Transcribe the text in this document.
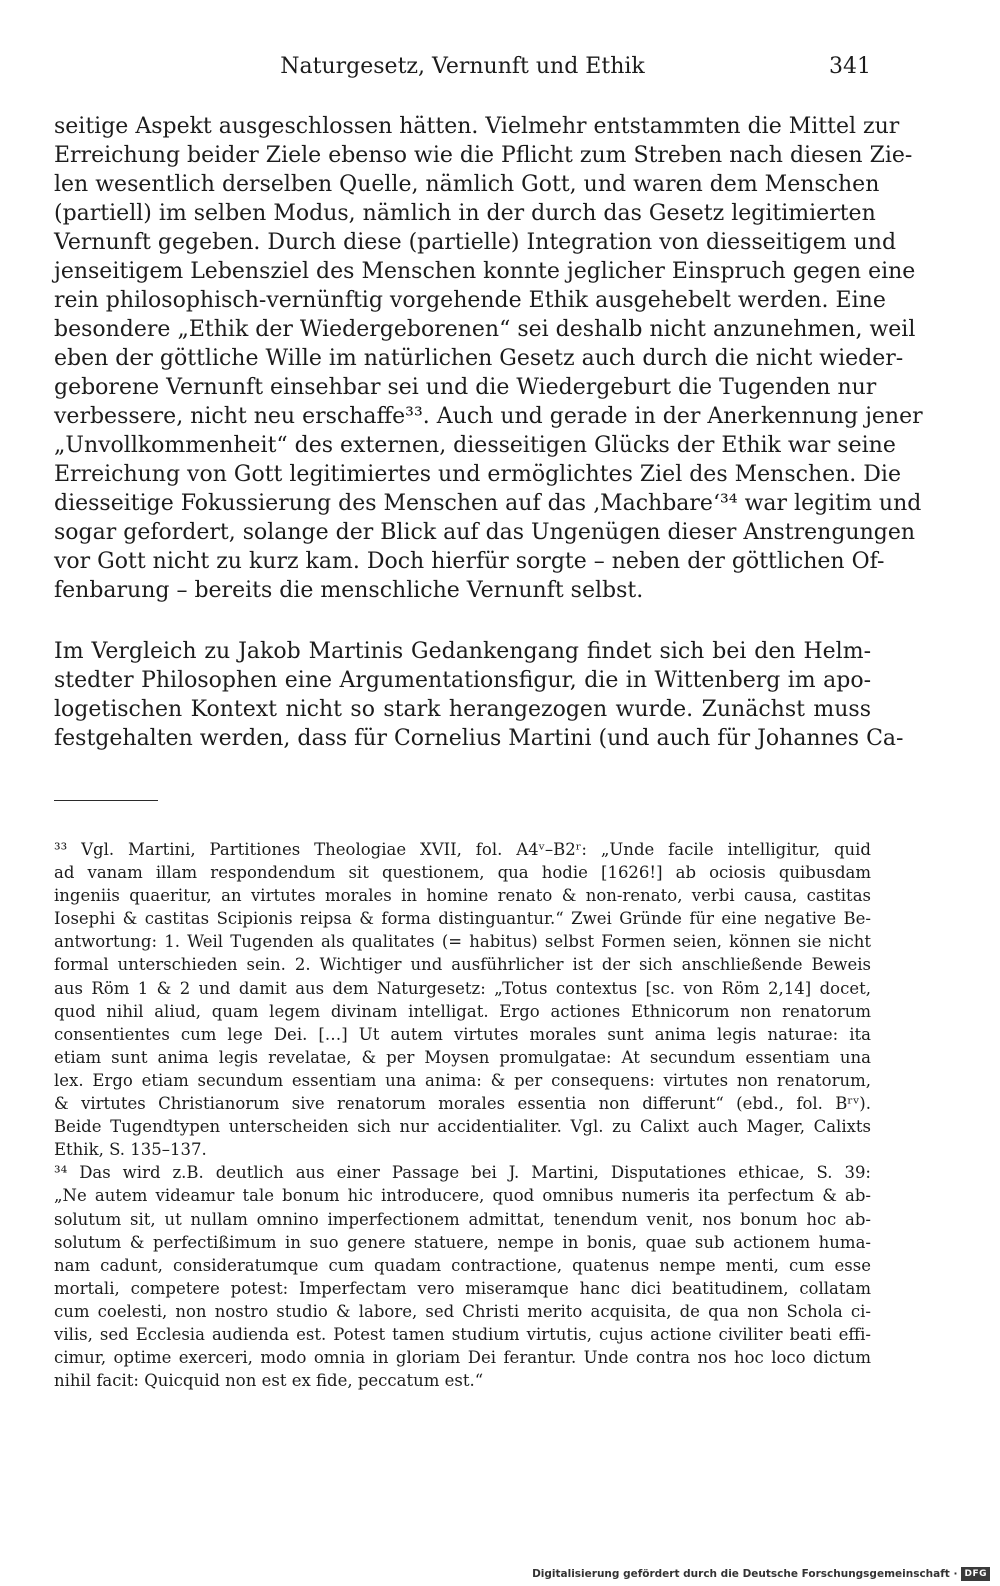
Naturgesetz, Vernunft und Ethik	341
seitige Aspekt ausgeschlossen hätten. Vielmehr entstammten die Mittel zur
Erreichung beider Ziele ebenso wie die Pflicht zum Streben nach diesen Zie-
len wesentlich derselben Quelle, nämlich Gott, und waren dem Menschen
(partiell) im selben Modus, nämlich in der durch das Gesetz legitimierten
Vernunft gegeben. Durch diese (partielle) Integration von diesseitigem und
jenseitigem Lebensziel des Menschen konnte jeglicher Einspruch gegen eine
rein philosophisch-vernünftig vorgehende Ethik ausgehebelt werden. Eine
besondere „Ethik der Wiedergeborenen“ sei deshalb nicht anzunehmen, weil
eben der göttliche Wille im natürlichen Gesetz auch durch die nicht wieder-
geborene Vernunft einsehbar sei und die Wiedergeburt die Tugenden nur
verbessere, nicht neu erschaffe³³. Auch und gerade in der Anerkennung jener
„Unvollkommenheit“ des externen, diesseitigen Glücks der Ethik war seine
Erreichung von Gott legitimiertes und ermöglichtes Ziel des Menschen. Die
diesseitige Fokussierung des Menschen auf das ‚Machbare‘³⁴ war legitim und
sogar gefordert, solange der Blick auf das Ungenügen dieser Anstrengungen
vor Gott nicht zu kurz kam. Doch hierfür sorgte – neben der göttlichen Of-
fenbarung – bereits die menschliche Vernunft selbst.
Im Vergleich zu Jakob Martinis Gedankengang findet sich bei den Helm-
stedter Philosophen eine Argumentationsfigur, die in Wittenberg im apo-
logetischen Kontext nicht so stark herangezogen wurde. Zunächst muss
festgehalten werden, dass für Cornelius Martini (und auch für Johannes Ca-
³³ Vgl. Martini, Partitiones Theologiae XVII, fol. A4ᵛ–B2ʳ: „Unde facile intelligitur, quid
ad vanam illam respondendum sit questionem, qua hodie [1626!] ab ociosis quibusdam
ingeniis quaeritur, an virtutes morales in homine renato & non-renato, verbi causa, castitas
Iosephi & castitas Scipionis reipsa & forma distinguantur.“ Zwei Gründe für eine negative Be-
antwortung: 1. Weil Tugenden als qualitates (= habitus) selbst Formen seien, können sie nicht
formal unterschieden sein. 2. Wichtiger und ausführlicher ist der sich anschließende Beweis
aus Röm 1 & 2 und damit aus dem Naturgesetz: „Totus contextus [sc. von Röm 2,14] docet,
quod nihil aliud, quam legem divinam intelligat. Ergo actiones Ethnicorum non renatorum
consentientes cum lege Dei. […] Ut autem virtutes morales sunt anima legis naturae: ita
etiam sunt anima legis revelatae, & per Moysen promulgatae: At secundum essentiam una
lex. Ergo etiam secundum essentiam una anima: & per consequens: virtutes non renatorum,
& virtutes Christianorum sive renatorum morales essentia non differunt“ (ebd., fol. Bʳᵛ).
Beide Tugendtypen unterscheiden sich nur accidentialiter. Vgl. zu Calixt auch Mager, Calixts
Ethik, S. 135–137.
³⁴ Das wird z.B. deutlich aus einer Passage bei J. Martini, Disputationes ethicae, S. 39:
„Ne autem videamur tale bonum hic introducere, quod omnibus numeris ita perfectum & ab-
solutum sit, ut nullam omnino imperfectionem admittat, tenendum venit, nos bonum hoc ab-
solutum & perfectißimum in suo genere statuere, nempe in bonis, quae sub actionem huma-
nam cadunt, consideratumque cum quadam contractione, quatenus nempe menti, cum esse
mortali, competere potest: Imperfectam vero miseramque hanc dici beatitudinem, collatam
cum coelesti, non nostro studio & labore, sed Christi merito acquisita, de qua non Schola ci-
vilis, sed Ecclesia audienda est. Potest tamen studium virtutis, cujus actione civiliter beati effi-
cimur, optime exerceri, modo omnia in gloriam Dei ferantur. Unde contra nos hoc loco dictum
nihil facit: Quicquid non est ex fide, peccatum est.“
Digitalisierung gefördert durch die Deutsche Forschungsgemeinschaft · DFG
